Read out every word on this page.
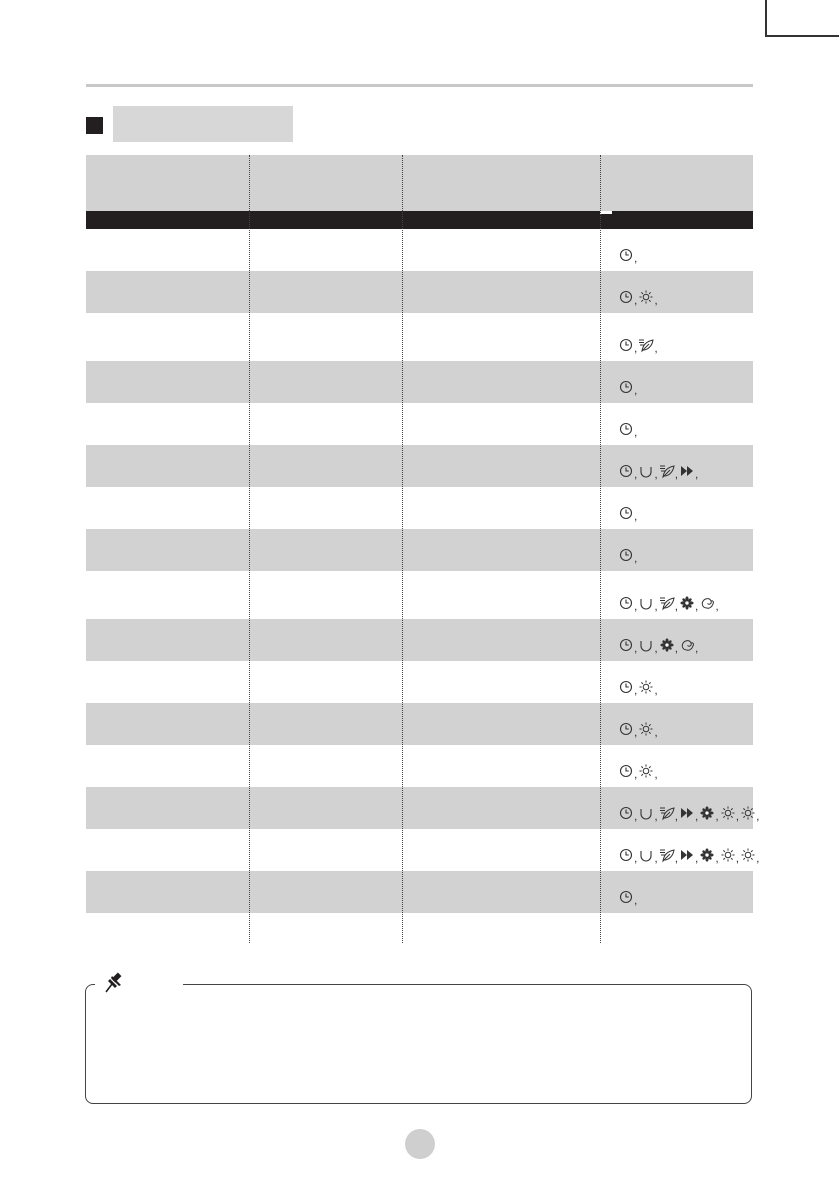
,
, ,
, ,
,
,
, , , ,
,
,
, , , , ,
, , , ,
, ,
, ,
, ,
, , , , , , ,
, , , , , , ,
,
